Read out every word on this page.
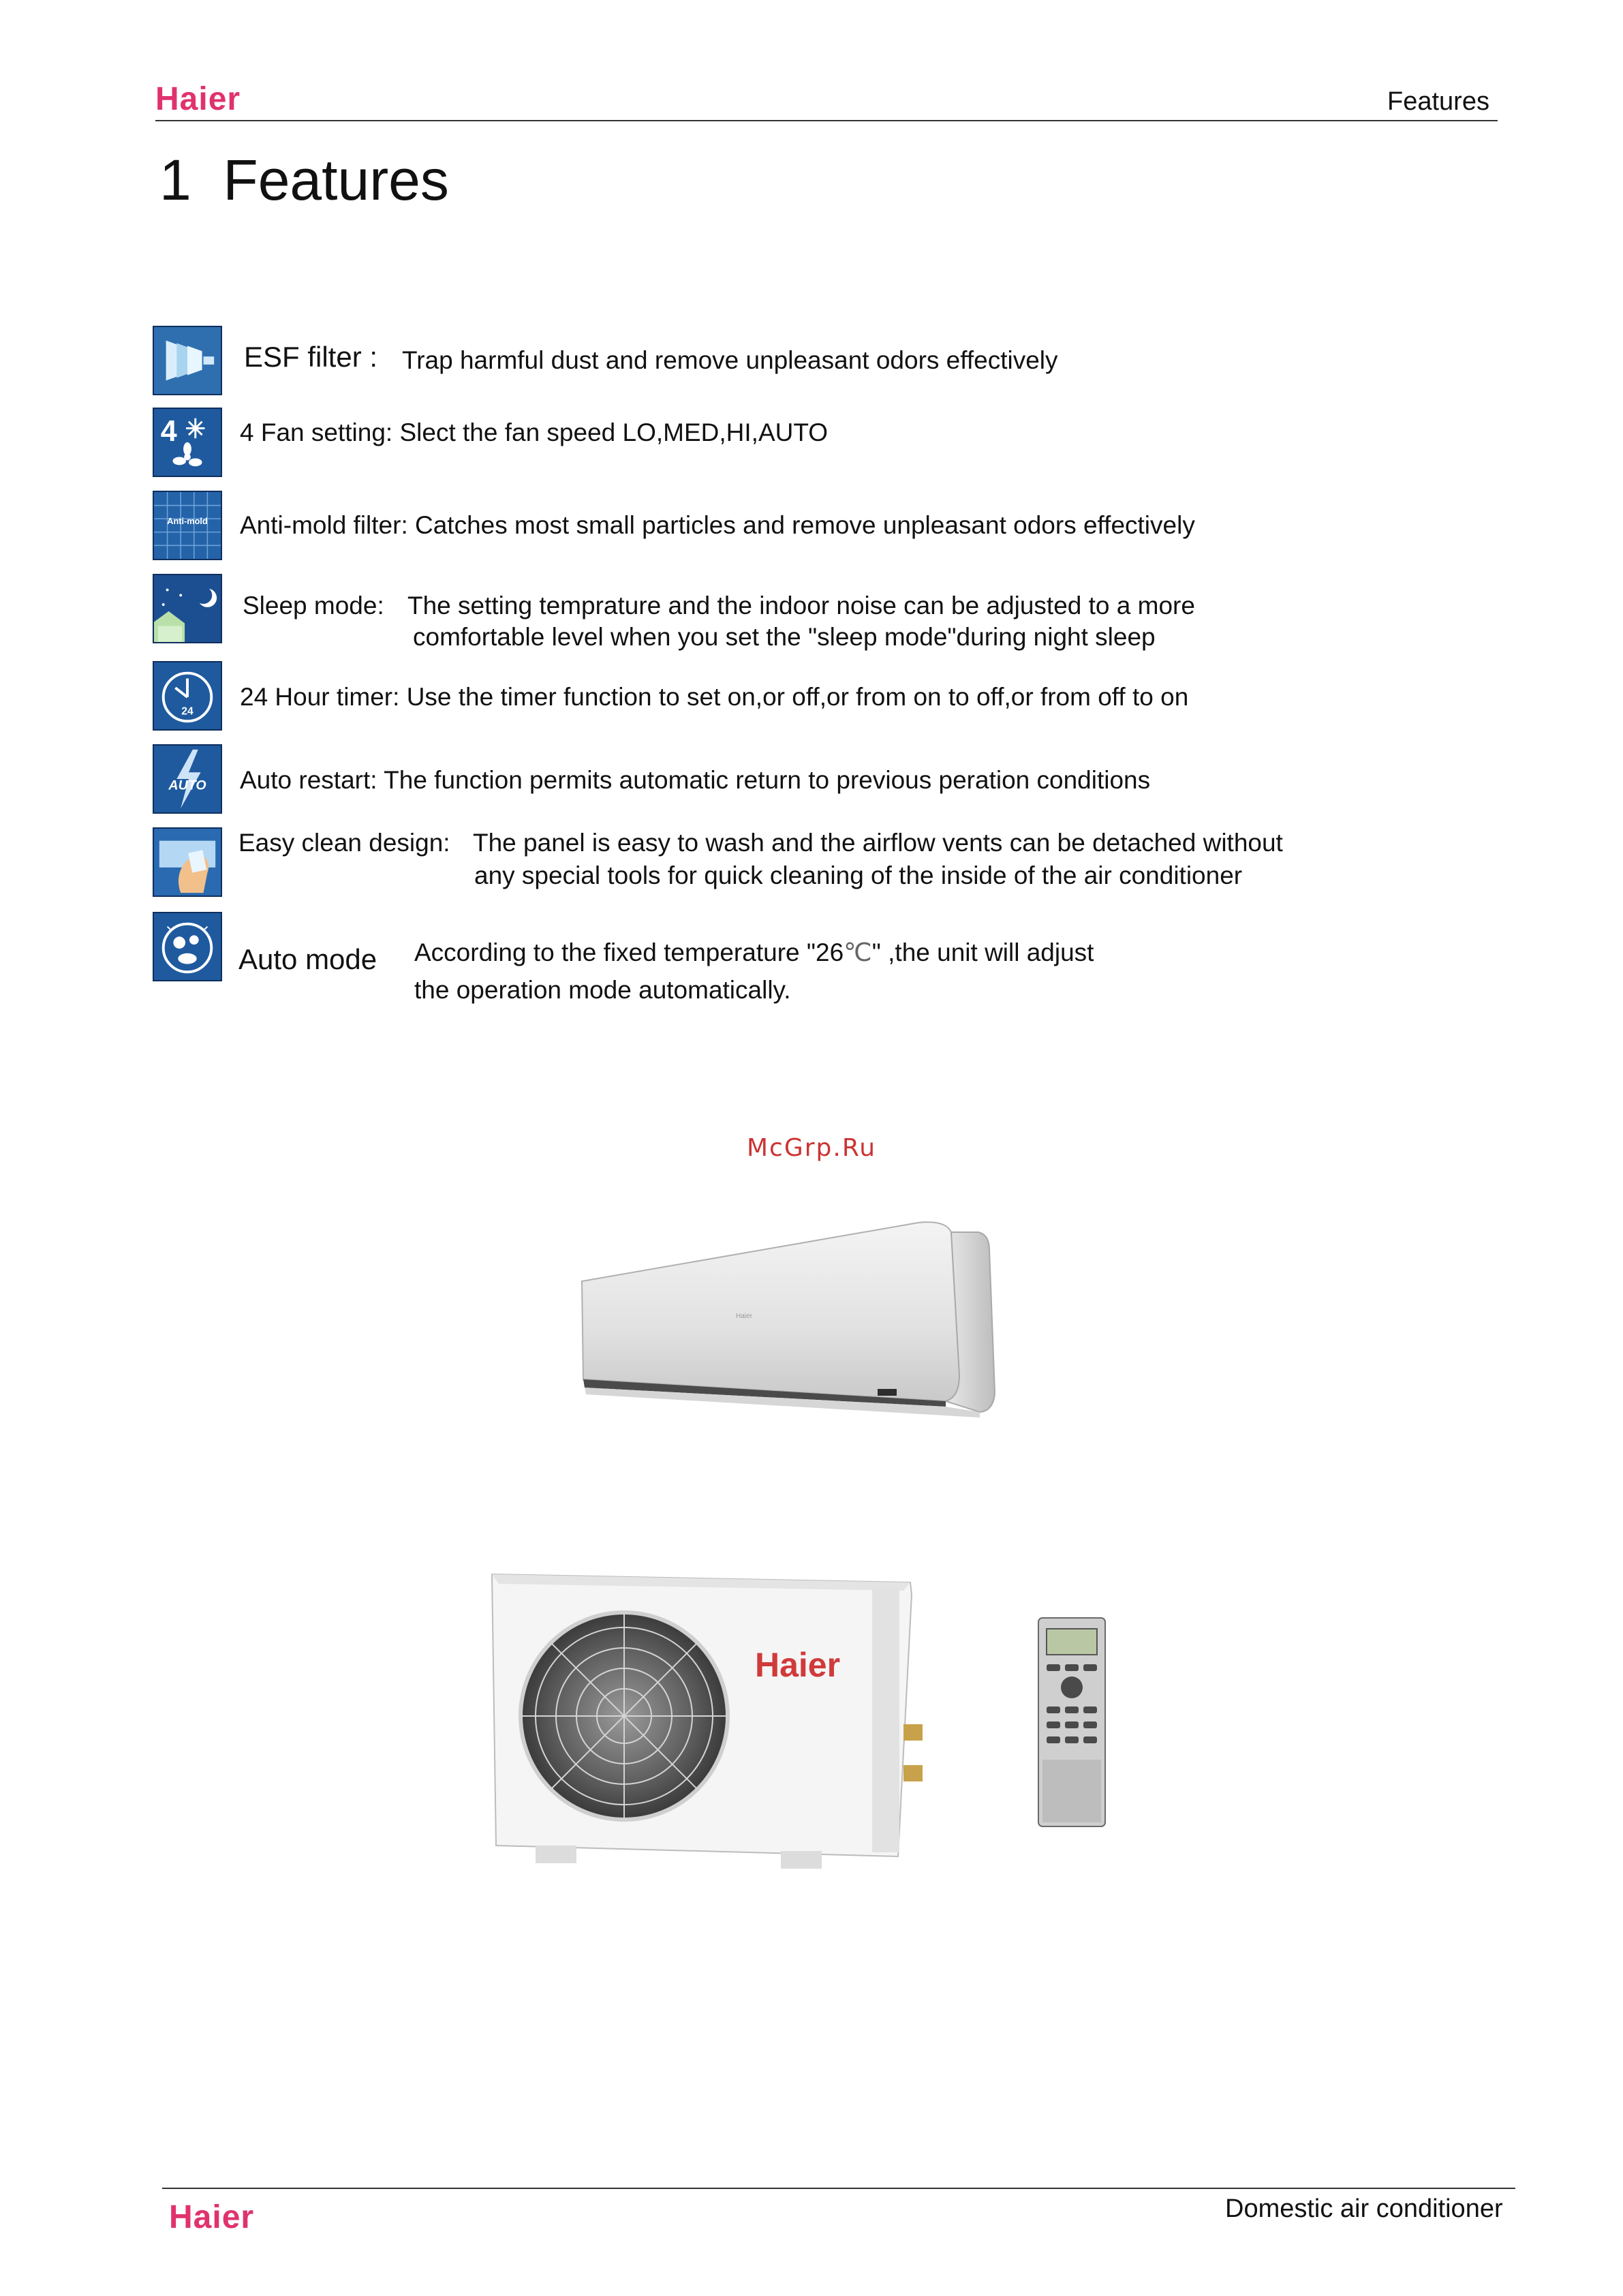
Haier	Features
1  Features
ESF filter : Trap harmful dust and remove unpleasant odors effectively
4 4 Fan setting: Slect the fan speed LO,MED,HI,AUTO
Anti-mold Anti-mold filter: Catches most small particles and remove unpleasant odors effectively
Sleep mode: The setting temprature and the indoor noise can be adjusted to a more
comfortable level when you set the "sleep mode"during night sleep
24
24 Hour timer: Use the timer function to set on,or off,or from on to off,or from off to on
AUTO Auto restart: The function permits automatic return to previous peration conditions
Easy clean design: The panel is easy to wash and the airflow vents can be detached without
any special tools for quick cleaning of the inside of the air conditioner
Auto mode According to the fixed temperature "26℃" ,the unit will adjust
the operation mode automatically.
McGrp.Ru
Haier
Haier
Haier	Domestic air conditioner
